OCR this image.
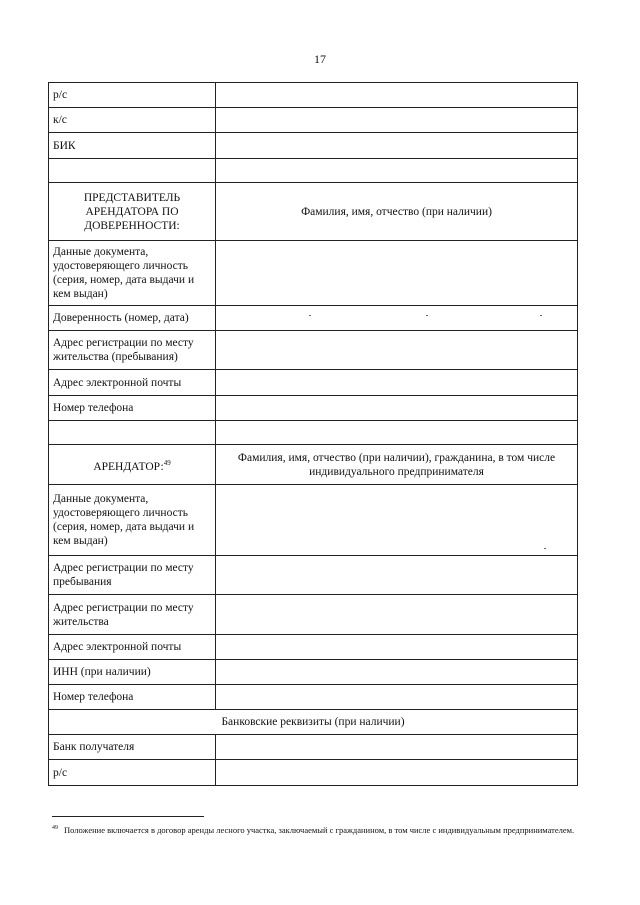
17
р/с	
к/с	
БИК	

ПРЕДСТАВИТЕЛЬ АРЕНДАТОРА ПО ДОВЕРЕННОСТИ:	Фамилия, имя, отчество (при наличии)
Данные документа, удостоверяющего личность (серия, номер, дата выдачи и кем выдан)	
Доверенность (номер, дата)	
Адрес регистрации по месту жительства (пребывания)	
Адрес электронной почты	
Номер телефона	

АРЕНДАТОР:$^{49}$	Фамилия, имя, отчество (при наличии), гражданина, в том числе индивидуального предпринимателя
Данные документа, удостоверяющего личность (серия, номер, дата выдачи и кем выдан)	
Адрес регистрации по месту пребывания	
Адрес регистрации по месту жительства	
Адрес электронной почты	
ИНН (при наличии)	
Номер телефона	
Банковские реквизиты (при наличии)	
Банк получателя	
р/с	
$^{49}$ Положение включается в договор аренды лесного участка, заключаемый с гражданином, в том числе с индивидуальным предпринимателем.
